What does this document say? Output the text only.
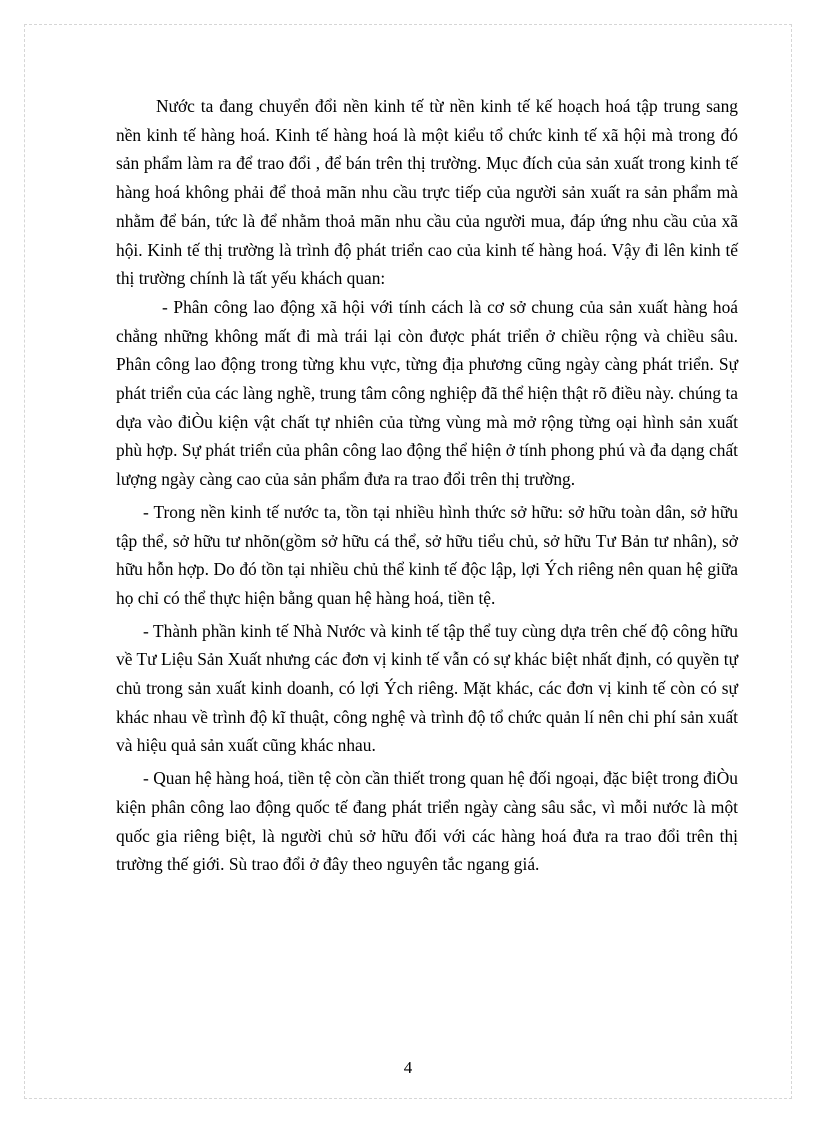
Nước ta đang chuyển đổi nền kinh tế từ nền kinh tế kế hoạch hoá tập trung sang nền kinh tế hàng hoá. Kinh tế hàng hoá là một kiểu tổ chức kinh tế xã hội mà trong đó sản phẩm làm ra để trao đổi , để bán trên thị trường. Mục đích của sản xuất trong kinh tế hàng hoá không phải để thoả mãn nhu cầu trực tiếp của người sản xuất ra sản phẩm mà nhằm để bán, tức là để nhằm thoả mãn nhu cầu của người mua, đáp ứng nhu cầu của xã hội. Kinh tế thị trường là trình độ phát triển cao của kinh tế hàng hoá. Vậy đi lên kinh tế thị trường chính là tất yếu khách quan:

- Phân công lao động xã hội với tính cách là cơ sở chung của sản xuất hàng hoá chẳng những không mất đi mà trái lại còn được phát triển ở chiều rộng và chiều sâu. Phân công lao động trong từng khu vực, từng địa phương cũng ngày càng phát triển. Sự phát triển của các làng nghề, trung tâm công nghiệp đã thể hiện thật rõ điều này. chúng ta dựa vào điÒu kiện vật chất tự nhiên của từng vùng mà mở rộng từng oại hình sản xuất phù hợp. Sự phát triển của phân công lao động thể hiện ở tính phong phú và đa dạng chất lượng ngày càng cao của sản phẩm đưa ra trao đổi trên thị trường.

- Trong nền kinh tế nước ta, tồn tại nhiều hình thức sở hữu: sở hữu toàn dân, sở hữu tập thể, sở hữu tư nhõn(gồm sở hữu cá thể, sở hữu tiểu chủ, sở hữu Tư Bản tư nhân), sở hữu hỗn hợp. Do đó tồn tại nhiều chủ thể kinh tế độc lập, lợi Ých riêng nên quan hệ giữa họ chỉ có thể thực hiện bằng quan hệ hàng hoá, tiền tệ.

- Thành phần kinh tế Nhà Nước và kinh tế tập thể tuy cùng dựa trên chế độ công hữu về Tư Liệu Sản Xuất nhưng các đơn vị kinh tế vẫn có sự khác biệt nhất định, có quyền tự chủ trong sản xuất kinh doanh, có lợi Ých riêng. Mặt khác, các đơn vị kinh tế còn có sự khác nhau về trình độ kĩ thuật, công nghệ và trình độ tổ chức quản lí nên chi phí sản xuất và hiệu quả sản xuất cũng khác nhau.

- Quan hệ hàng hoá, tiền tệ còn cần thiết trong quan hệ đối ngoại, đặc biệt trong điÒu kiện phân công lao động quốc tế đang phát triển ngày càng sâu sắc, vì mỗi nước là một quốc gia riêng biệt, là người chủ sở hữu đối với các hàng hoá đưa ra trao đổi trên thị trường thế giới. Sù trao đổi ở đây theo nguyên tắc ngang giá.

4
